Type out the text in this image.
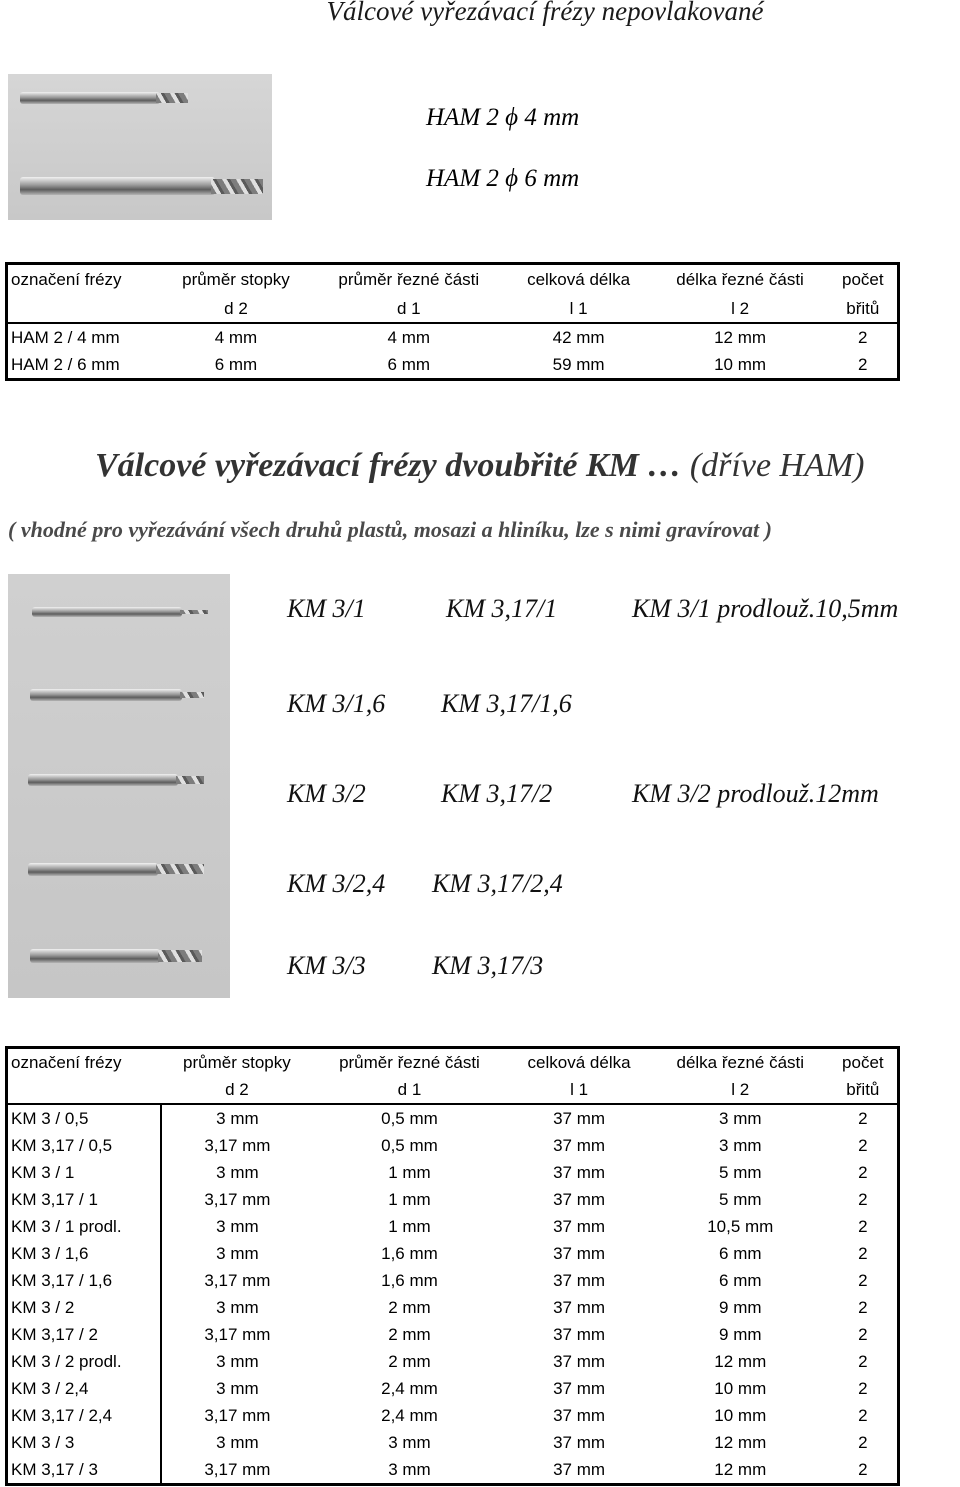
Válcové vyřezávací frézy nepovlakované
HAM 2 ϕ 4 mm
HAM 2 ϕ 6 mm
označení frézy	průměr stopky	průměr řezné části	celková délka	délka řezné části	počet
	d 2	d 1	l 1	l 2	břitů
HAM 2 / 4 mm	4 mm	4 mm	42 mm	12 mm	2
HAM 2 / 6 mm	6 mm	6 mm	59 mm	10 mm	2
Válcové vyřezávací frézy dvoubřité KM … (dříve HAM)
( vhodné pro vyřezávání všech druhů plastů, mosazi a hliníku, lze s nimi gravírovat )
KM 3/1	KM 3,17/1	KM 3/1 prodlouž.10,5mm
KM 3/1,6 KM 3,17/1,6
KM 3/2	KM 3,17/2	KM 3/2 prodlouž.12mm
KM 3/2,4 KM 3,17/2,4
KM 3/3	KM 3,17/3
označení frézy	průměr stopky	průměr řezné části	celková délka	délka řezné části	počet
	d 2	d 1	l 1	l 2	břitů
KM 3 / 0,5	3 mm	0,5 mm	37 mm	3 mm	2
KM 3,17 / 0,5	3,17 mm	0,5 mm	37 mm	3 mm	2
KM 3 / 1	3 mm	1 mm	37 mm	5 mm	2
KM 3,17 / 1	3,17 mm	1 mm	37 mm	5 mm	2
KM 3 / 1 prodl.	3 mm	1 mm	37 mm	10,5 mm	2
KM 3 / 1,6	3 mm	1,6 mm	37 mm	6 mm	2
KM 3,17 / 1,6	3,17 mm	1,6 mm	37 mm	6 mm	2
KM 3 / 2	3 mm	2 mm	37 mm	9 mm	2
KM 3,17 / 2	3,17 mm	2 mm	37 mm	9 mm	2
KM 3 / 2 prodl.	3 mm	2 mm	37 mm	12 mm	2
KM 3 / 2,4	3 mm	2,4 mm	37 mm	10 mm	2
KM 3,17 / 2,4	3,17 mm	2,4 mm	37 mm	10 mm	2
KM 3 / 3	3 mm	3 mm	37 mm	12 mm	2
KM 3,17 / 3	3,17 mm	3 mm	37 mm	12 mm	2
